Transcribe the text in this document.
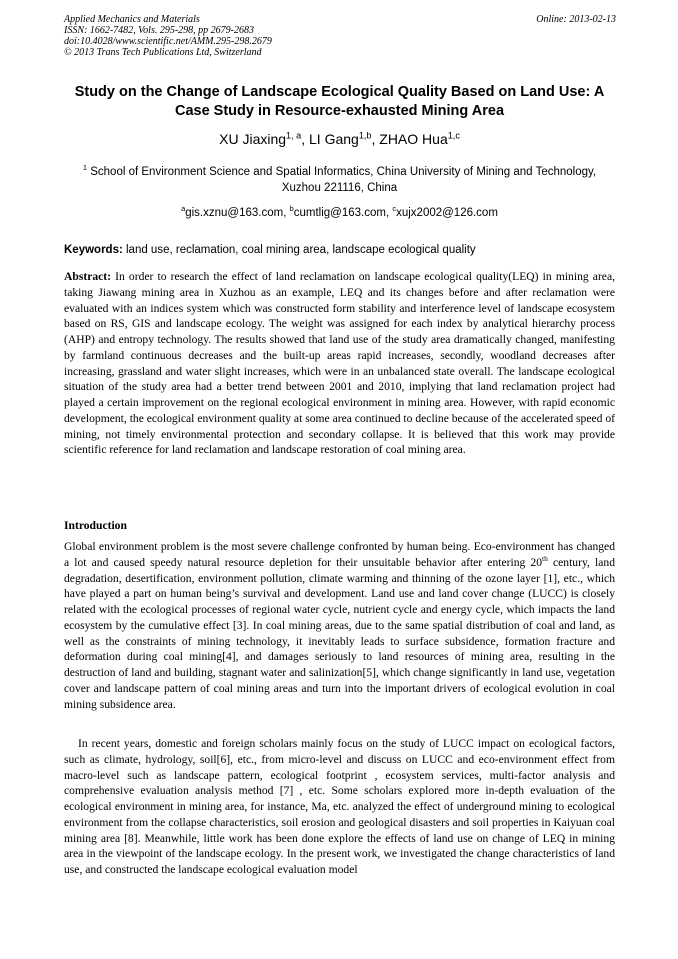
Applied Mechanics and Materials	Online: 2013-02-13
ISSN: 1662-7482, Vols. 295-298, pp 2679-2683
doi:10.4028/www.scientific.net/AMM.295-298.2679
© 2013 Trans Tech Publications Ltd, Switzerland
Study on the Change of Landscape Ecological Quality Based on Land Use: A Case Study in Resource-exhausted Mining Area
XU Jiaxing$^{1, a}$, LI Gang$^{1,b}$, ZHAO Hua$^{1,c}$
$^1$ School of Environment Science and Spatial Informatics, China University of Mining and Technology, Xuzhou 221116, China
$^a$gis.xznu@163.com, $^b$cumtlig@163.com, $^c$xujx2002@126.com
Keywords: land use, reclamation, coal mining area, landscape ecological quality
Abstract: In order to research the effect of land reclamation on landscape ecological quality(LEQ) in mining area, taking Jiawang mining area in Xuzhou as an example, LEQ and its changes before and after reclamation were evaluated with an indices system which was constructed form stability and interference level of landscape ecosystem based on RS, GIS and landscape ecology. The weight was assigned for each index by analytical hierarchy process (AHP) and entropy technology. The results showed that land use of the study area dramatically changed, manifesting by farmland continuous decreases and the built-up areas rapid increases, secondly, woodland decreases after increasing, grassland and water slight increases, which were in an unbalanced state overall. The landscape ecological situation of the study area had a better trend between 2001 and 2010, implying that land reclamation project had played a certain improvement on the regional ecological environment in mining area. However, with rapid economic development, the ecological environment quality at some area continued to decline because of the accelerated speed of mining, not timely environmental protection and secondary collapse. It is believed that this work may provide scientific reference for land reclamation and landscape restoration of coal mining area.
Introduction
Global environment problem is the most severe challenge confronted by human being. Eco-environment has changed a lot and caused speedy natural resource depletion for their unsuitable behavior after entering 20th century, land degradation, desertification, environment pollution, climate warming and thinning of the ozone layer [1], etc., which have played a part on human being’s survival and development. Land use and land cover change (LUCC) is closely related with the ecological processes of regional water cycle, nutrient cycle and energy cycle, which impacts the land ecosystem by the cumulative effect [3]. In coal mining areas, due to the same spatial distribution of coal and land, as well as the constraints of mining technology, it inevitably leads to surface subsidence, formation fracture and deformation during coal mining[4], and damages seriously to land resources of mining area, resulting in the destruction of land and building, stagnant water and salinization[5], which change significantly in land use, vegetation cover and landscape pattern of coal mining areas and turn into the important drivers of ecological evolution in coal mining subsidence area.
In recent years, domestic and foreign scholars mainly focus on the study of LUCC impact on ecological factors, such as climate, hydrology, soil[6], etc., from micro-level and discuss on LUCC and eco-environment effect from macro-level such as landscape pattern, ecological footprint , ecosystem services, multi-factor analysis and comprehensive evaluation analysis method [7] , etc. Some scholars explored more in-depth evaluation of the ecological environment in mining area, for instance, Ma, etc. analyzed the effect of underground mining to ecological environment from the collapse characteristics, soil erosion and geological disasters and soil properties in Kaiyuan coal mining area [8]. Meanwhile, little work has been done explore the effects of land use on change of LEQ in mining area in the viewpoint of the landscape ecology. In the present work, we investigated the change characteristics of land use, and constructed the landscape ecological evaluation model
